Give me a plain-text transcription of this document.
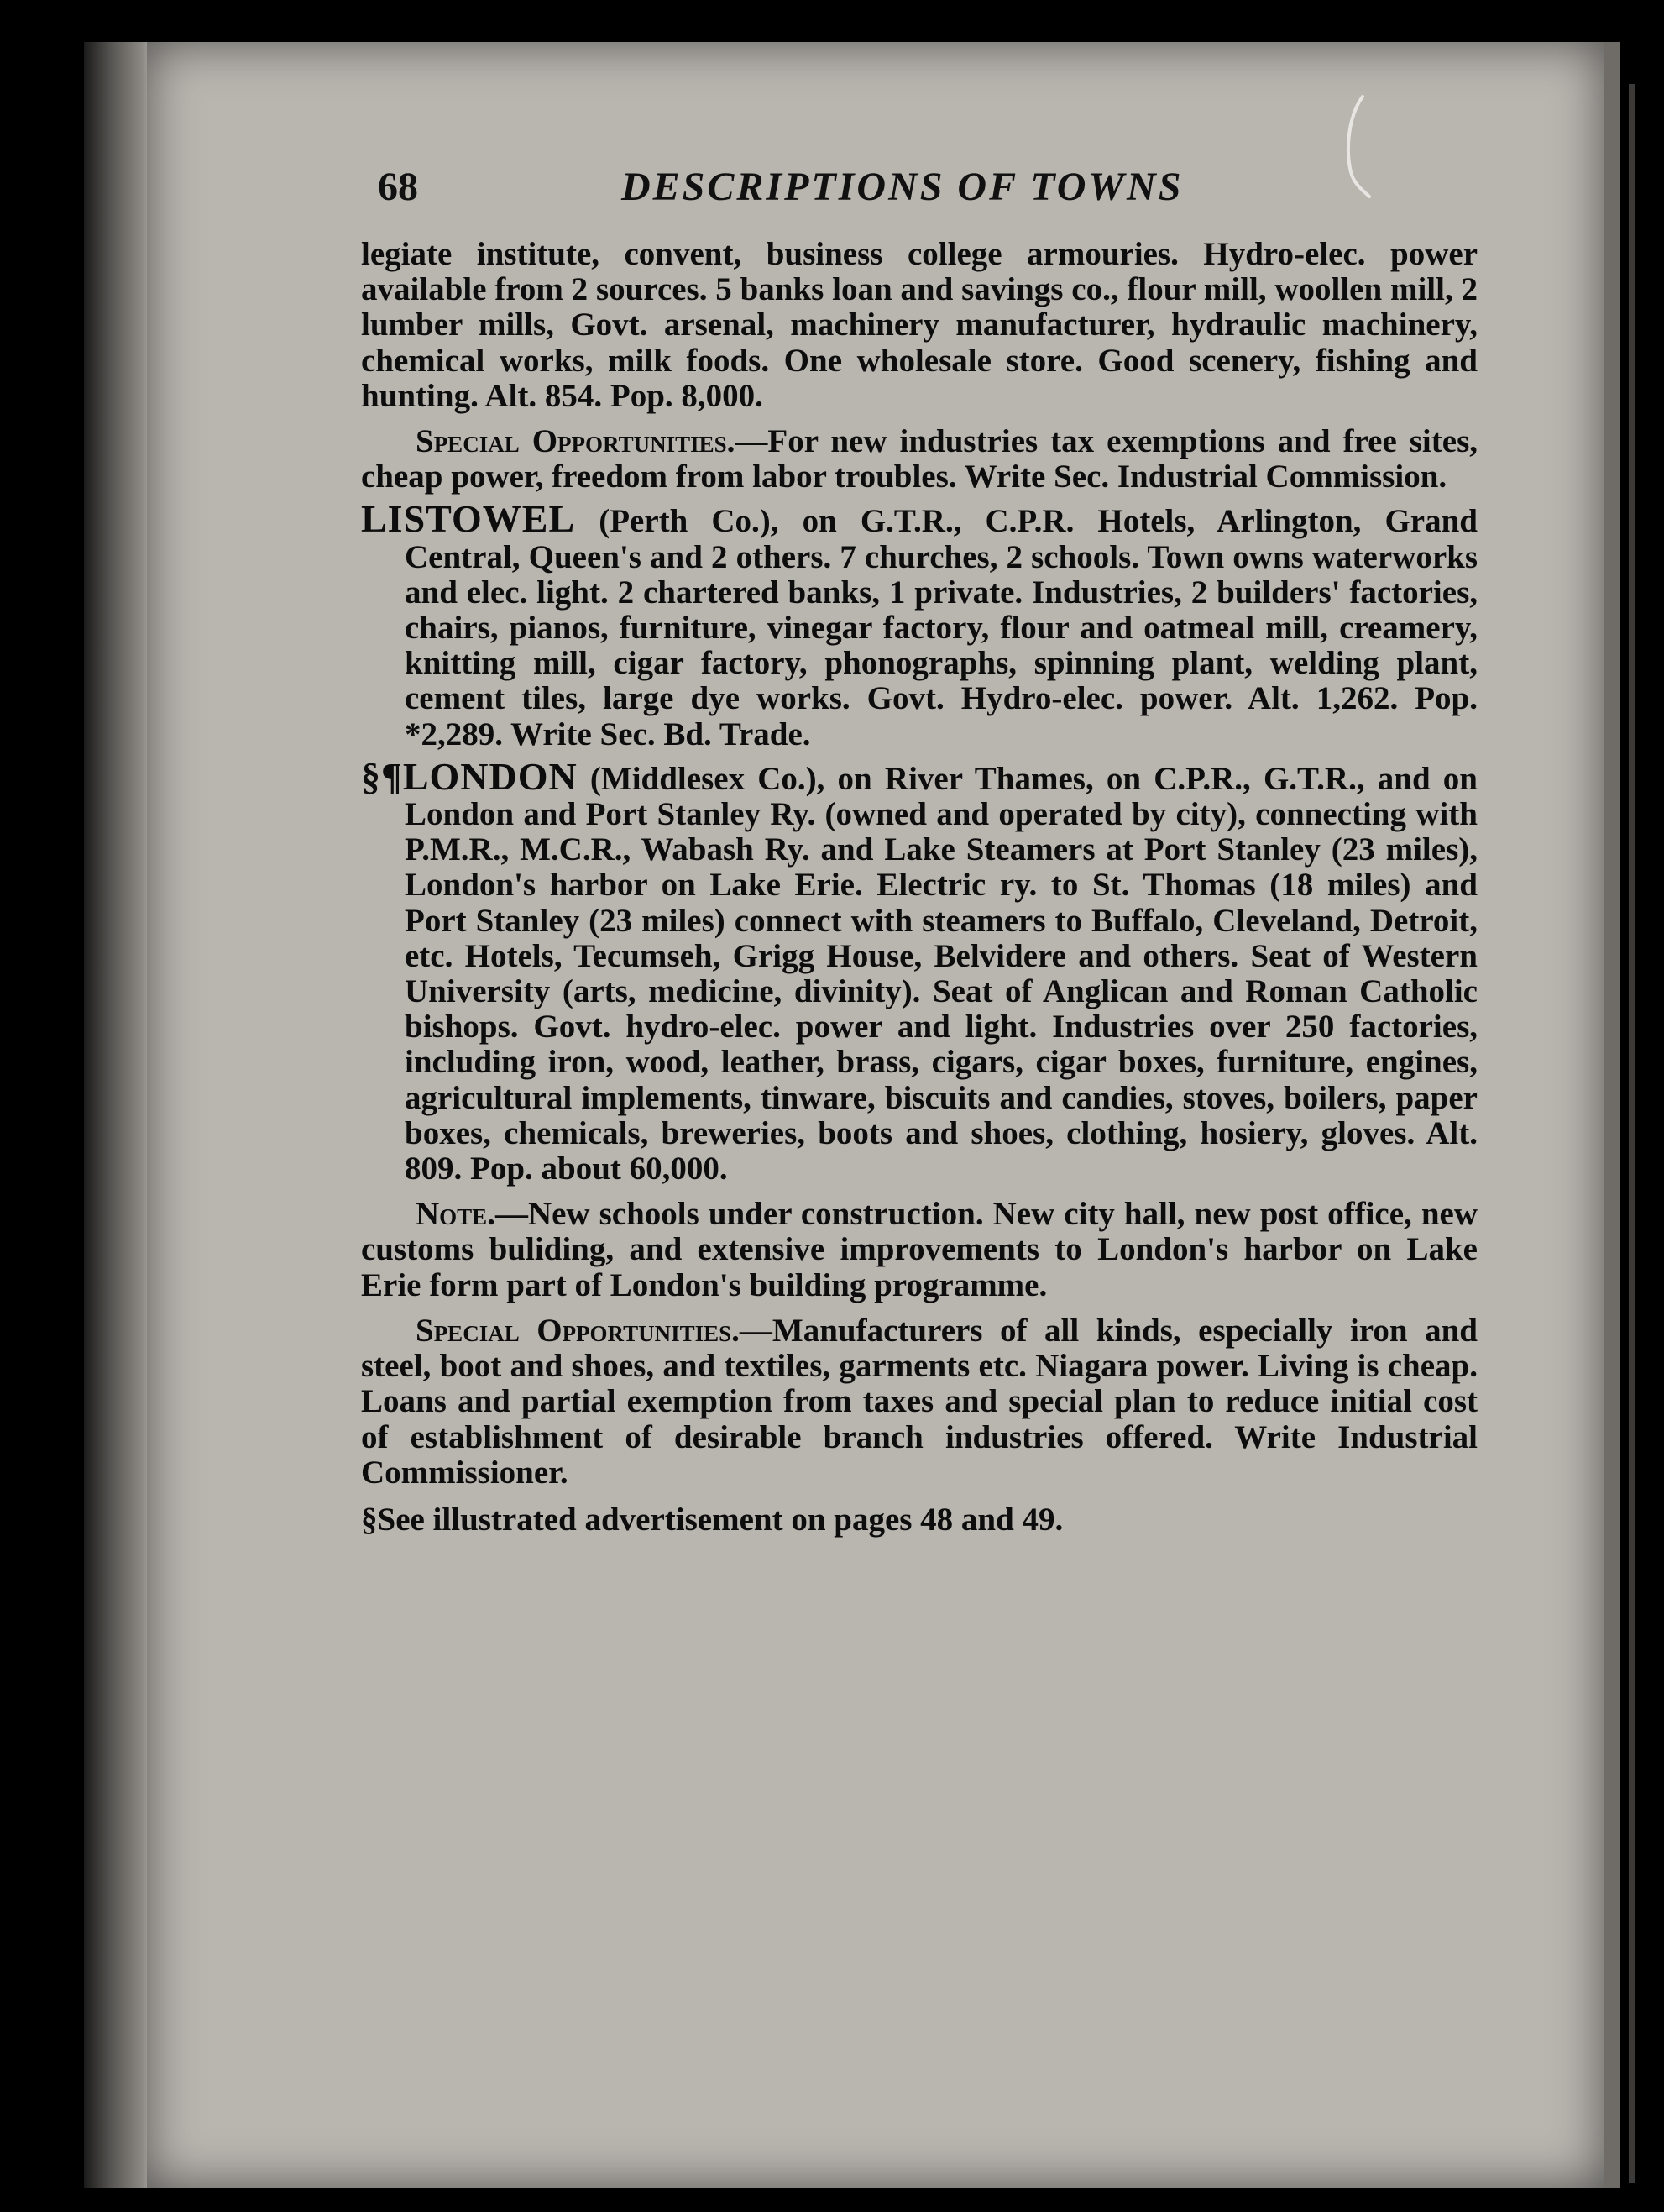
68	DESCRIPTIONS OF TOWNS

legiate institute, convent, business college armouries. Hydro-elec. power available from 2 sources. 5 banks loan and savings co., flour mill, woollen mill, 2 lumber mills, Govt. arsenal, machinery manufacturer, hydraulic machinery, chemical works, milk foods. One wholesale store. Good scenery, fishing and hunting. Alt. 854. Pop. 8,000.

Special Opportunities.—For new industries tax exemptions and free sites, cheap power, freedom from labor troubles. Write Sec. Industrial Commission.

LISTOWEL (Perth Co.), on G.T.R., C.P.R. Hotels, Arlington, Grand Central, Queen's and 2 others. 7 churches, 2 schools. Town owns waterworks and elec. light. 2 chartered banks, 1 private. Industries, 2 builders' factories, chairs, pianos, furniture, vinegar factory, flour and oatmeal mill, creamery, knitting mill, cigar factory, phonographs, spinning plant, welding plant, cement tiles, large dye works. Govt. Hydro-elec. power. Alt. 1,262. Pop. *2,289. Write Sec. Bd. Trade.

§¶LONDON (Middlesex Co.), on River Thames, on C.P.R., G.T.R., and on London and Port Stanley Ry. (owned and operated by city), connecting with P.M.R., M.C.R., Wabash Ry. and Lake Steamers at Port Stanley (23 miles), London's harbor on Lake Erie. Electric ry. to St. Thomas (18 miles) and Port Stanley (23 miles) connect with steamers to Buffalo, Cleveland, Detroit, etc. Hotels, Tecumseh, Grigg House, Belvidere and others. Seat of Western University (arts, medicine, divinity). Seat of Anglican and Roman Catholic bishops. Govt. hydro-elec. power and light. Industries over 250 factories, including iron, wood, leather, brass, cigars, cigar boxes, furniture, engines, agricultural implements, tinware, biscuits and candies, stoves, boilers, paper boxes, chemicals, breweries, boots and shoes, clothing, hosiery, gloves. Alt. 809. Pop. about 60,000.

Note.—New schools under construction. New city hall, new post office, new customs buliding, and extensive improvements to London's harbor on Lake Erie form part of London's building programme.

Special Opportunities.—Manufacturers of all kinds, especially iron and steel, boot and shoes, and textiles, garments etc. Niagara power. Living is cheap. Loans and partial exemption from taxes and special plan to reduce initial cost of establishment of desirable branch industries offered. Write Industrial Commissioner.

§See illustrated advertisement on pages 48 and 49.
